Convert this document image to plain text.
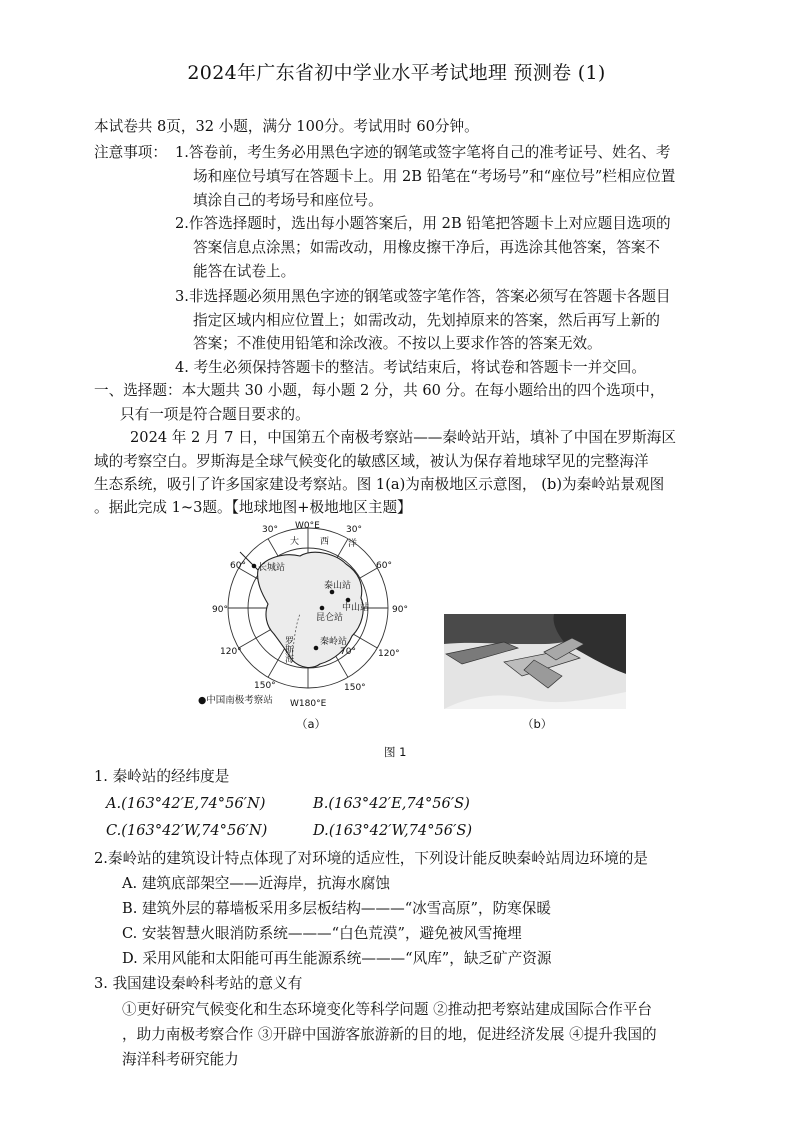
2024年广东省初中学业水平考试地理 预测卷 (1)
本试卷共 8页，32 小题，满分 100分。考试用时 60分钟。
注意事项： 1.答卷前，考生务必用黑色字迹的钢笔或签字笔将自己的准考证号、姓名、考
场和座位号填写在答题卡上。用 2B 铅笔在“考场号”和“座位号”栏相应位置
填涂自己的考场号和座位号。
2.作答选择题时，选出每小题答案后，用 2B 铅笔把答题卡上对应题目选项的
答案信息点涂黑；如需改动，用橡皮擦干净后，再选涂其他答案，答案不
能答在试卷上。
3.非选择题必须用黑色字迹的钢笔或签字笔作答，答案必须写在答题卡各题目
指定区域内相应位置上；如需改动，先划掉原来的答案，然后再写上新的
答案；不准使用铅笔和涂改液。不按以上要求作答的答案无效。
4. 考生必须保持答题卡的整洁。考试结束后，将试卷和答题卡一并交回。
一、选择题：本大题共 30 小题，每小题 2 分，共 60 分。在每小题给出的四个选项中，
只有一项是符合题目要求的。
2024 年 2 月 7 日，中国第五个南极考察站——秦岭站开站，填补了中国在罗斯海区
域的考察空白。罗斯海是全球气候变化的敏感区域，被认为保存着地球罕见的完整海洋
生态系统，吸引了许多国家建设考察站。图 1(a)为南极地区示意图， (b)为秦岭站景观图
。据此完成 1~3题。【地球地图+极地地区主题】
W0°E
W180°E
30°	30°
60°	60°
90°	90°
120°	120°
150°	150°
70°
大 西 洋
长城站
泰山站
中山站
昆仑站
秦岭站
罗斯海
●中国南极考察站
（a）	（b）
图 1
1. 秦岭站的经纬度是
A.(163°42′E,74°56′N)	B.(163°42′E,74°56′S)
C.(163°42′W,74°56′N)	D.(163°42′W,74°56′S)
2.秦岭站的建筑设计特点体现了对环境的适应性，下列设计能反映秦岭站周边环境的是
A. 建筑底部架空——近海岸，抗海水腐蚀
B. 建筑外层的幕墙板采用多层板结构———“冰雪高原”，防寒保暖
C. 安装智慧火眼消防系统———“白色荒漠”，避免被风雪掩埋
D. 采用风能和太阳能可再生能源系统———“风库”，缺乏矿产资源
3. 我国建设秦岭科考站的意义有
①更好研究气候变化和生态环境变化等科学问题 ②推动把考察站建成国际合作平台
，助力南极考察合作 ③开辟中国游客旅游新的目的地，促进经济发展 ④提升我国的
海洋科考研究能力
